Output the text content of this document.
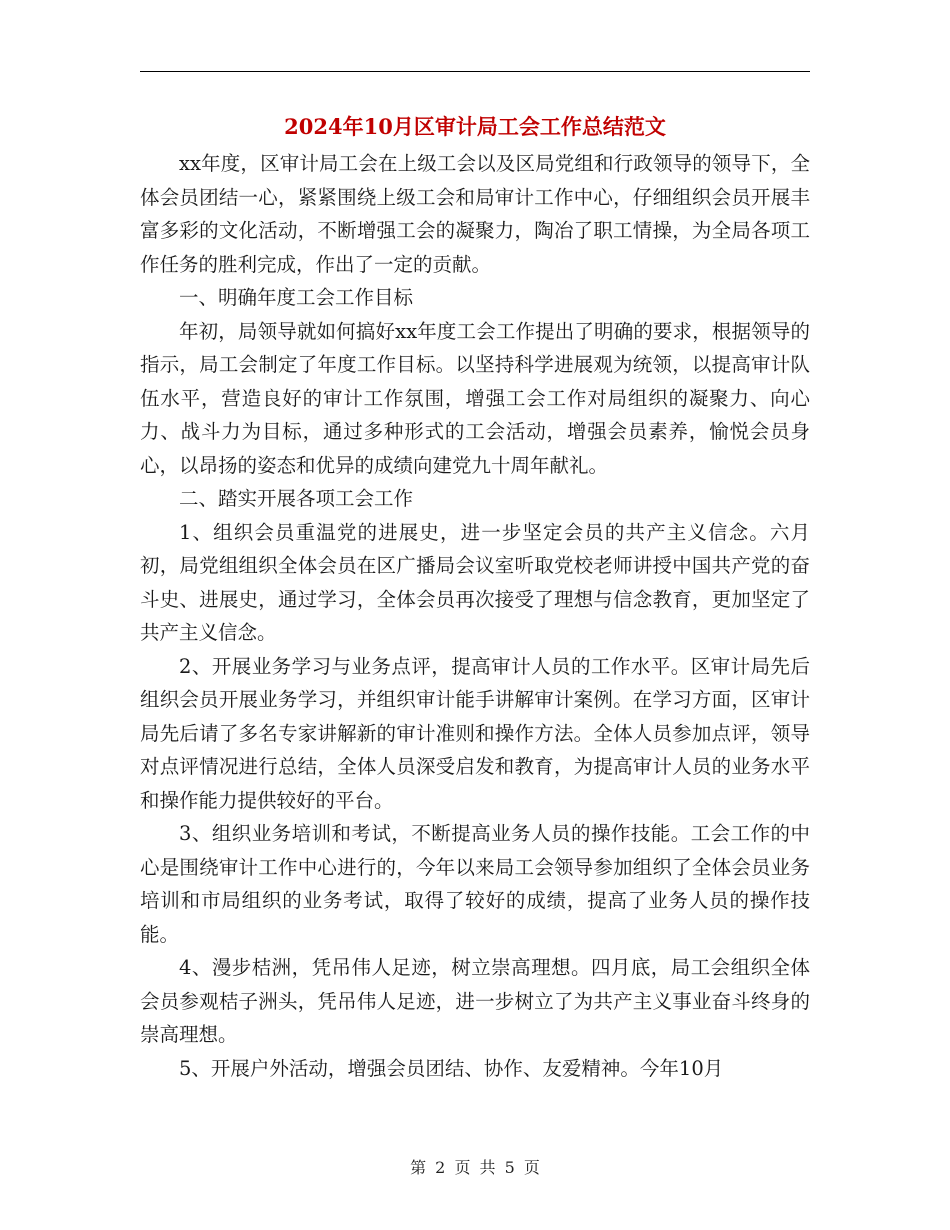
2024年10月区审计局工会工作总结范文

xx年度，区审计局工会在上级工会以及区局党组和行政领导的领导下，全体会员团结一心，紧紧围绕上级工会和局审计工作中心，仔细组织会员开展丰富多彩的文化活动，不断增强工会的凝聚力，陶冶了职工情操，为全局各项工作任务的胜利完成，作出了一定的贡献。

一、明确年度工会工作目标

年初，局领导就如何搞好xx年度工会工作提出了明确的要求，根据领导的指示，局工会制定了年度工作目标。以坚持科学进展观为统领，以提高审计队伍水平，营造良好的审计工作氛围，增强工会工作对局组织的凝聚力、向心力、战斗力为目标，通过多种形式的工会活动，增强会员素养，愉悦会员身心，以昂扬的姿态和优异的成绩向建党九十周年献礼。

二、踏实开展各项工会工作

1、组织会员重温党的进展史，进一步坚定会员的共产主义信念。六月初，局党组组织全体会员在区广播局会议室听取党校老师讲授中国共产党的奋斗史、进展史，通过学习，全体会员再次接受了理想与信念教育，更加坚定了共产主义信念。

2、开展业务学习与业务点评，提高审计人员的工作水平。区审计局先后组织会员开展业务学习，并组织审计能手讲解审计案例。在学习方面，区审计局先后请了多名专家讲解新的审计准则和操作方法。全体人员参加点评，领导对点评情况进行总结，全体人员深受启发和教育，为提高审计人员的业务水平和操作能力提供较好的平台。

3、组织业务培训和考试，不断提高业务人员的操作技能。工会工作的中心是围绕审计工作中心进行的，今年以来局工会领导参加组织了全体会员业务培训和市局组织的业务考试，取得了较好的成绩，提高了业务人员的操作技能。

4、漫步桔洲，凭吊伟人足迹，树立崇高理想。四月底，局工会组织全体会员参观桔子洲头，凭吊伟人足迹，进一步树立了为共产主义事业奋斗终身的崇高理想。

5、开展户外活动，增强会员团结、协作、友爱精神。今年10月

第 2 页 共 5 页
